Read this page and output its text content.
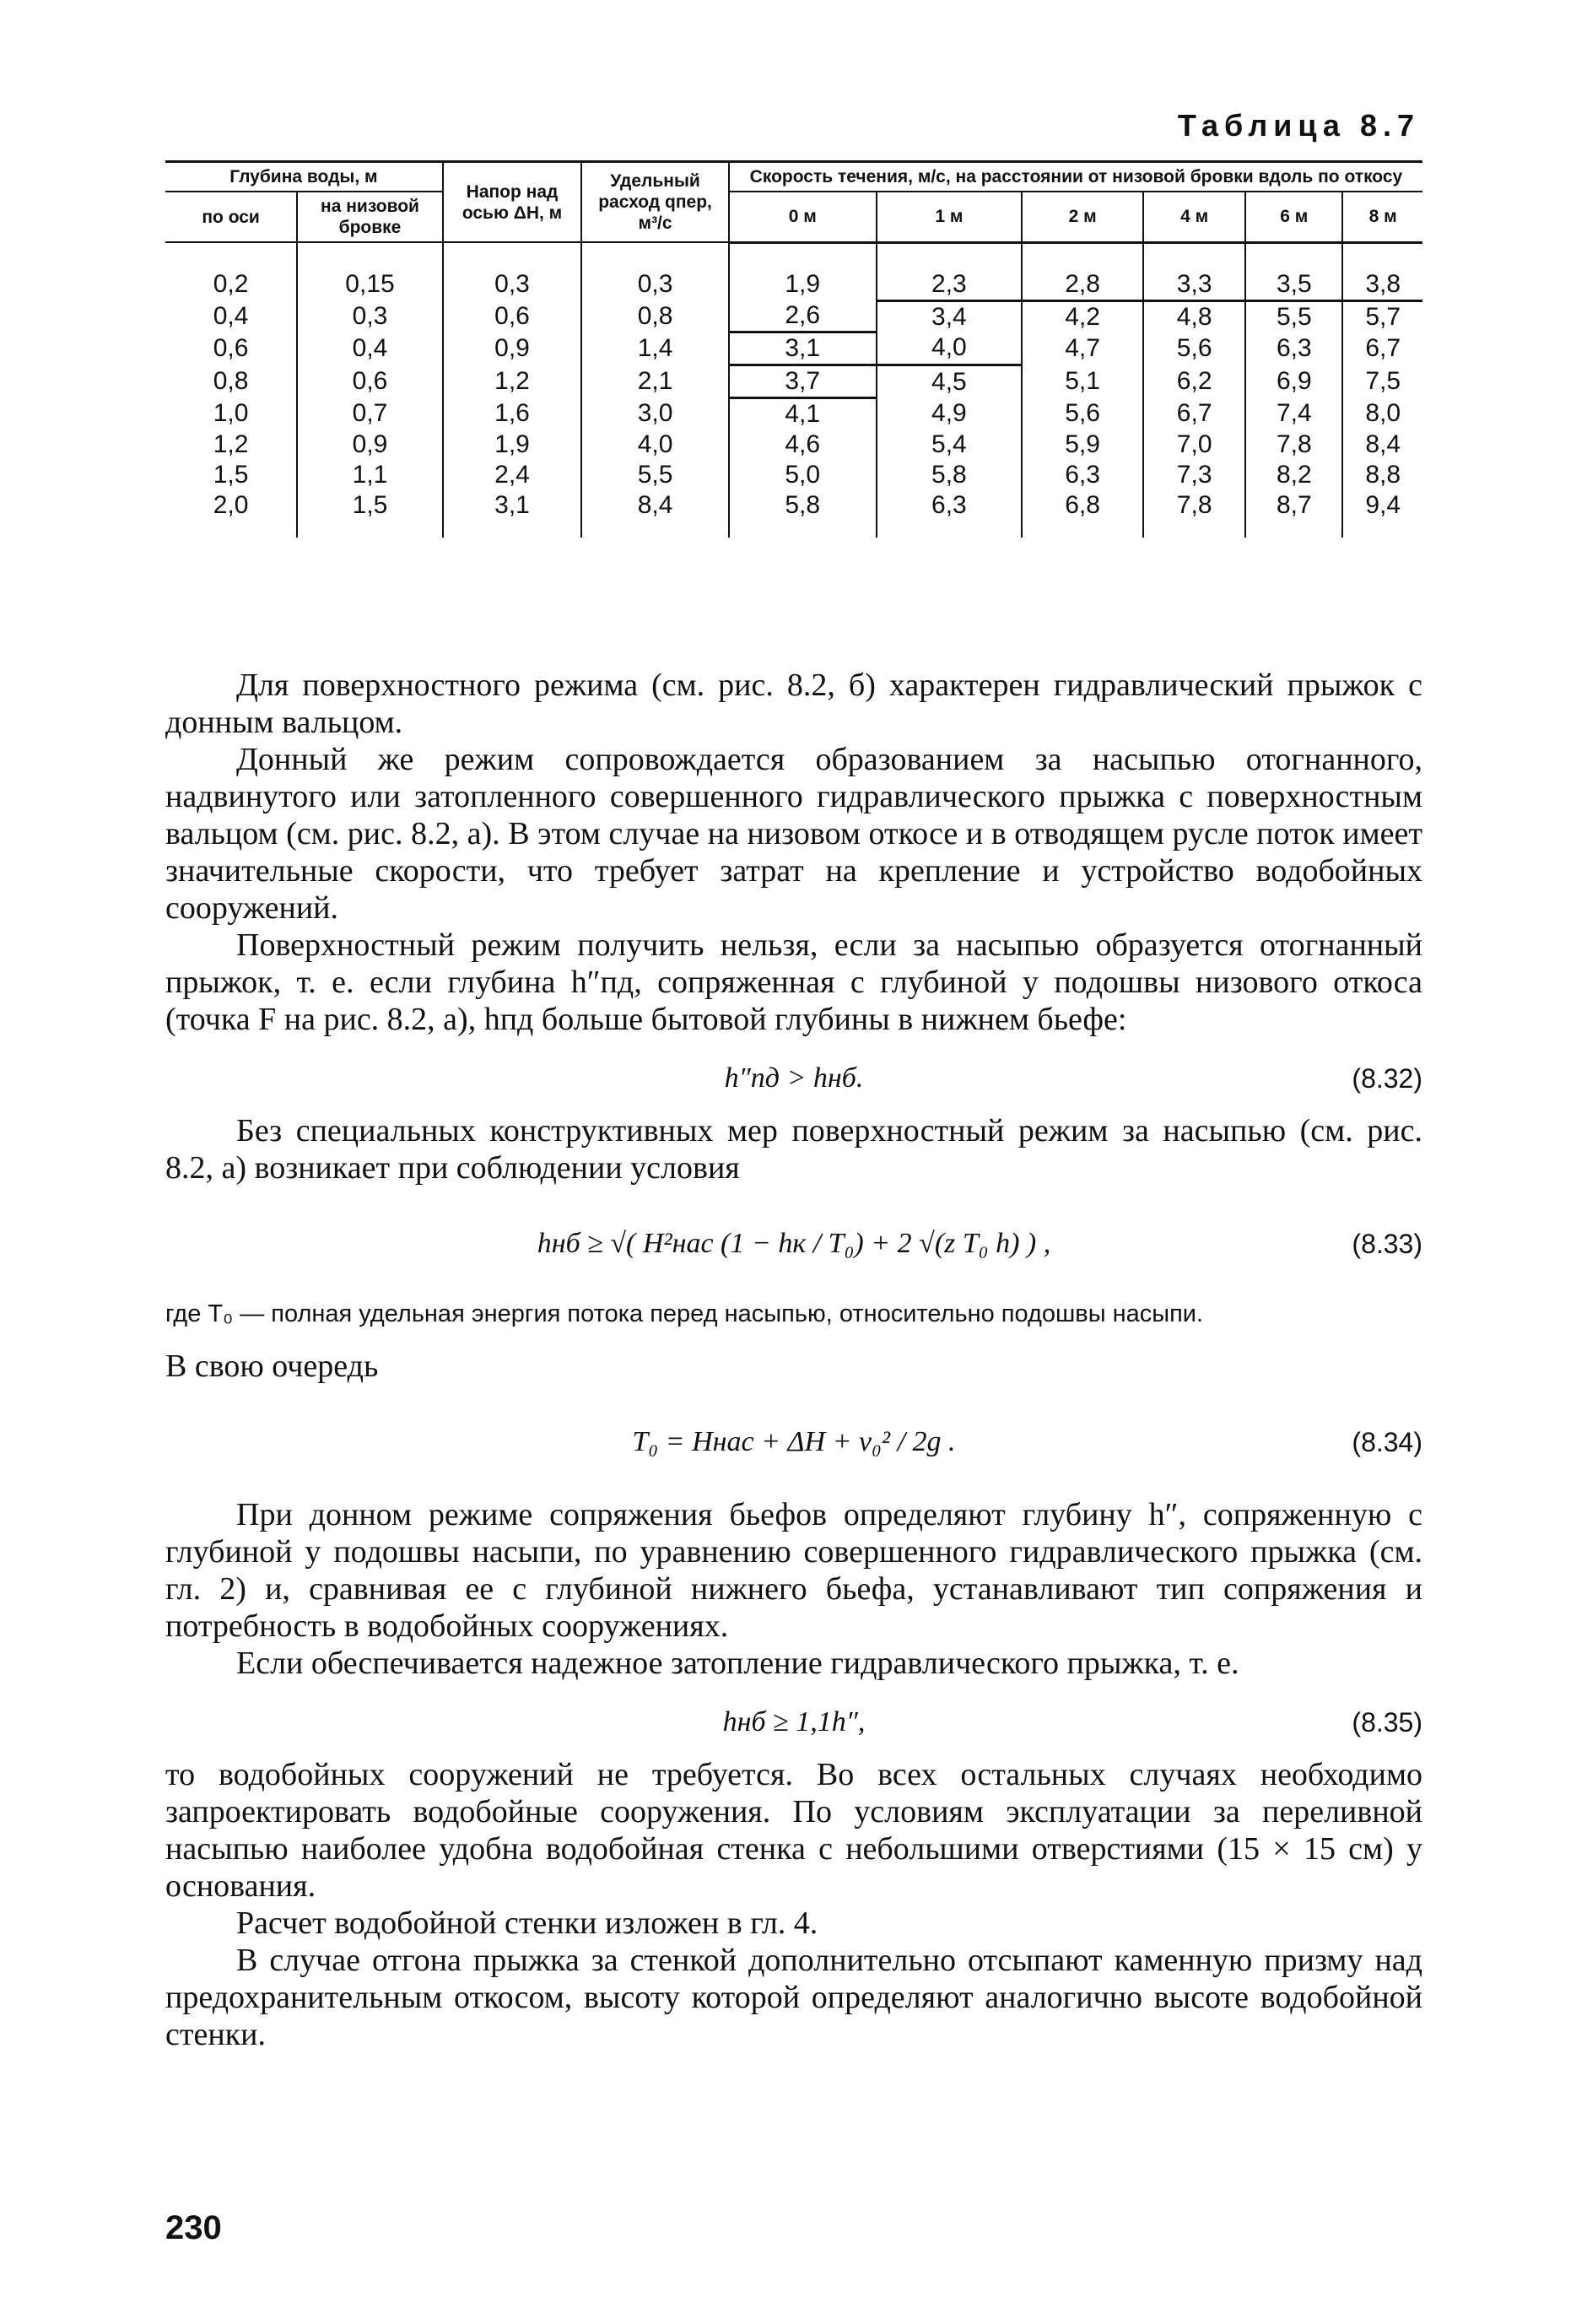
Таблица 8.7
Глубина воды, м		Напор над осью ΔH, м	Удельный расход qпер, м³/с	Скорость течения, м/с, на расстоянии от низовой бровки вдоль по откосу					
по оси	на низовой бровке								
				0 м	1 м	2 м	4 м	6 м	8 м
0,2	0,15	0,3	0,3	1,9	2,3	2,8	3,3	3,5	3,8
0,4	0,3	0,6	0,8	2,6	3,4	4,2	4,8	5,5	5,7
0,6	0,4	0,9	1,4	3,1	4,0	4,7	5,6	6,3	6,7
0,8	0,6	1,2	2,1	3,7	4,5	5,1	6,2	6,9	7,5
1,0	0,7	1,6	3,0	4,1	4,9	5,6	6,7	7,4	8,0
1,2	0,9	1,9	4,0	4,6	5,4	5,9	7,0	7,8	8,4
1,5	1,1	2,4	5,5	5,0	5,8	6,3	7,3	8,2	8,8
2,0	1,5	3,1	8,4	5,8	6,3	6,8	7,8	8,7	9,4

Для поверхностного режима (см. рис. 8.2, б) характерен гидравлический прыжок с донным вальцом.

Донный же режим сопровождается образованием за насыпью отогнанного, надвинутого или затопленного совершенного гидравлического прыжка с поверхностным вальцом (см. рис. 8.2, а). В этом случае на низовом откосе и в отводящем русле поток имеет значительные скорости, что требует затрат на крепление и устройство водобойных сооружений.

Поверхностный режим получить нельзя, если за насыпью образуется отогнанный прыжок, т. е. если глубина h″пд, сопряженная с глубиной у подошвы низового откоса (точка F на рис. 8.2, а), hпд больше бытовой глубины в нижнем бьефе:

h″пд > hнб.	(8.32)

Без специальных конструктивных мер поверхностный режим за насыпью (см. рис. 8.2, а) возникает при соблюдении условия

hнб ≥ √( H²нас (1 − hк / T₀) + 2 √(z T₀ h) ) ,	(8.33)
где T₀ — полная удельная энергия потока перед насыпью, относительно подошвы насыпи.

В свою очередь

T₀ = Hнас + ΔH + v₀² / 2g .	(8.34)

При донном режиме сопряжения бьефов определяют глубину h″, сопряженную с глубиной у подошвы насыпи, по уравнению совершенного гидравлического прыжка (см. гл. 2) и, сравнивая ее с глубиной нижнего бьефа, устанавливают тип сопряжения и потребность в водобойных сооружениях.

Если обеспечивается надежное затопление гидравлического прыжка, т. е.

hнб ≥ 1,1h″,	(8.35)

то водобойных сооружений не требуется. Во всех остальных случаях необходимо запроектировать водобойные сооружения. По условиям эксплуатации за переливной насыпью наиболее удобна водобойная стенка с небольшими отверстиями (15 × 15 см) у основания.

Расчет водобойной стенки изложен в гл. 4.

В случае отгона прыжка за стенкой дополнительно отсыпают каменную призму над предохранительным откосом, высоту которой определяют аналогично высоте водобойной стенки.

230
